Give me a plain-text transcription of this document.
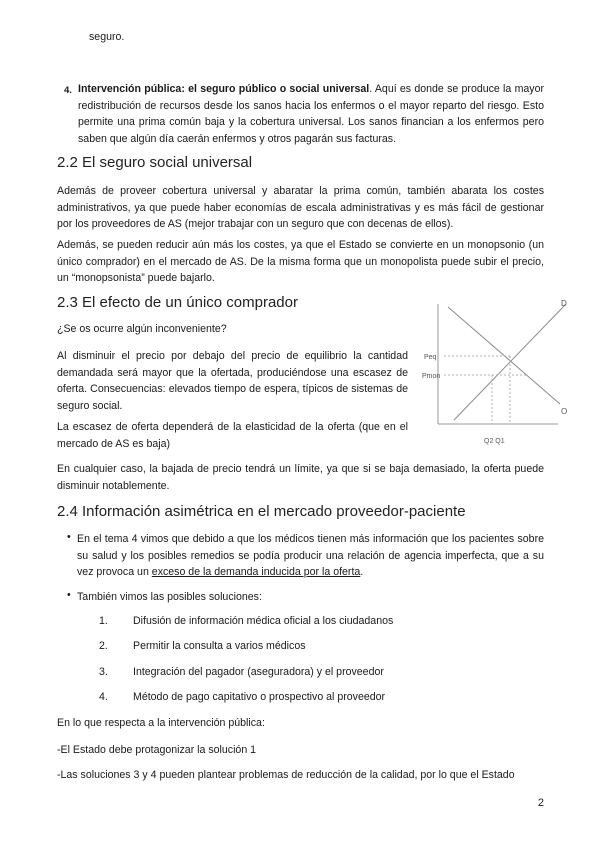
seguro.

4. Intervención pública: el seguro público o social universal. Aquí es donde se produce la mayor redistribución de recursos desde los sanos hacia los enfermos o el mayor reparto del riesgo. Esto permite una prima común baja y la cobertura universal. Los sanos financian a los enfermos pero saben que algún día caerán enfermos y otros pagarán sus facturas.

2.2 El seguro social universal

Además de proveer cobertura universal y abaratar la prima común, también abarata los costes administrativos, ya que puede haber economías de escala administrativas y es más fácil de gestionar por los proveedores de AS (mejor trabajar con un seguro que con decenas de ellos).

Además, se pueden reducir aún más los costes, ya que el Estado se convierte en un monopsonio (un único comprador) en el mercado de AS. De la misma forma que un monopolista puede subir el precio, un “monopsonista” puede bajarlo.

2.3 El efecto de un único comprador

¿Se os ocurre algún inconveniente?

Al disminuir el precio por debajo del precio de equilibrio la cantidad demandada será mayor que la ofertada, produciéndose una escasez de oferta. Consecuencias: elevados tiempo de espera, típicos de sistemas de seguro social.

La escasez de oferta dependerá de la elasticidad de la oferta (que en el mercado de AS es baja)

D
O
Peq
Pmon
Q2 Q1

En cualquier caso, la bajada de precio tendrá un límite, ya que si se baja demasiado, la oferta puede disminuir notablemente.

2.4 Información asimétrica en el mercado proveedor-paciente
• En el tema 4 vimos que debido a que los médicos tienen más información que los pacientes sobre su salud y los posibles remedios se podía producir una relación de agencia imperfecta, que a su vez provoca un exceso de la demanda inducida por la oferta.

• También vimos las posibles soluciones:

1.	Difusión de información médica oficial a los ciudadanos
2.	Permitir la consulta a varios médicos
3.	Integración del pagador (aseguradora) y el proveedor
4.	Método de pago capitativo o prospectivo al proveedor

En lo que respecta a la intervención pública:

-El Estado debe protagonizar la solución 1

-Las soluciones 3 y 4 pueden plantear problemas de reducción de la calidad, por lo que el Estado

2
